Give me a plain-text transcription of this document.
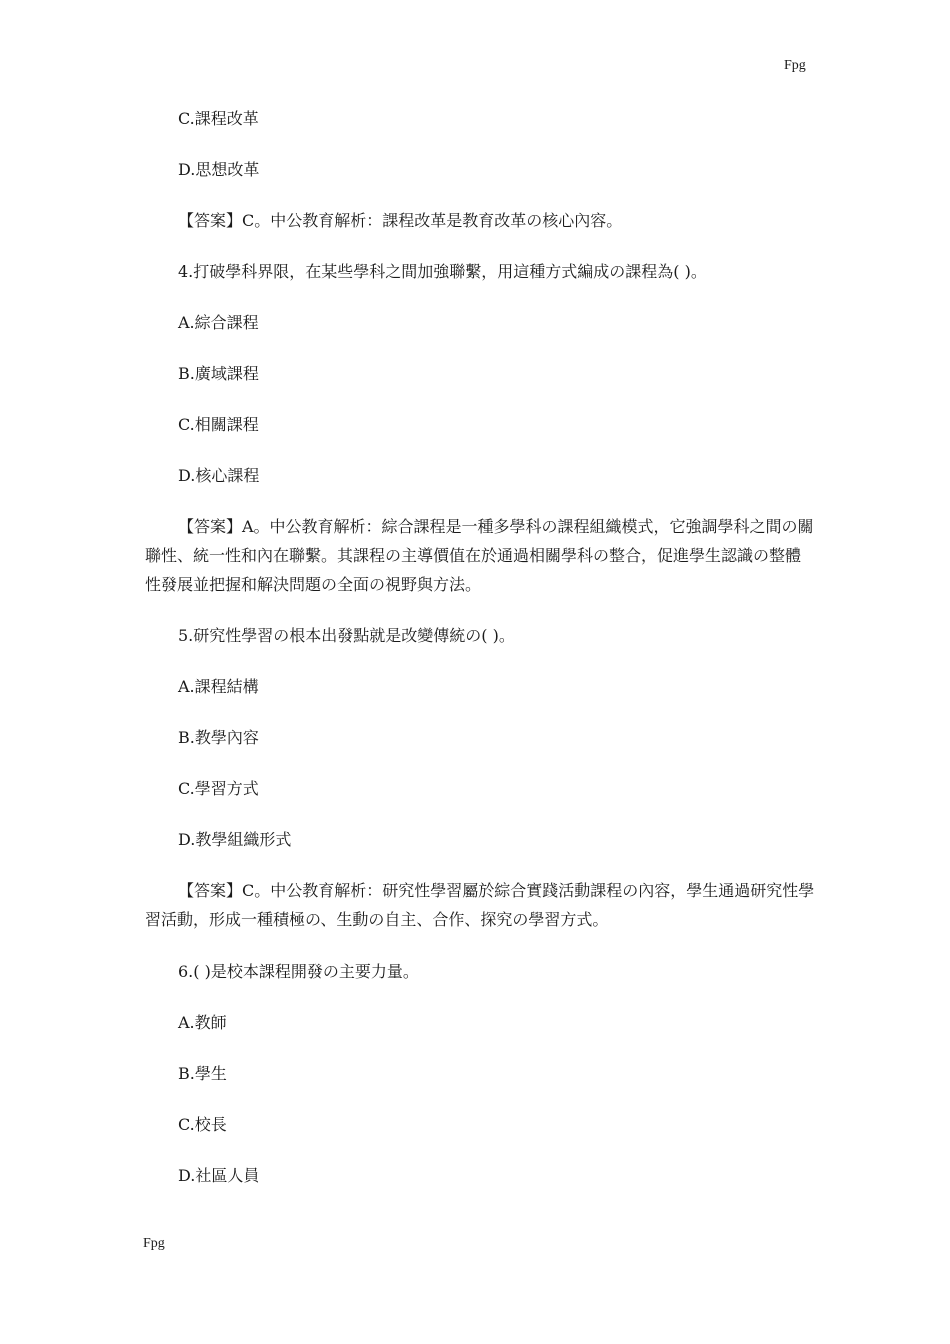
Fpg
C.課程改革
D.思想改革
【答案】C。中公教育解析：課程改革是教育改革の核心內容。
4.打破學科界限，在某些學科之間加強聯繫，用這種方式編成の課程為( )。
A.綜合課程
B.廣域課程
C.相關課程
D.核心課程

【答案】A。中公教育解析：綜合課程是一種多學科の課程組織模式，它強調學科之間の關聯性、統一性和內在聯繫。其課程の主導價值在於通過相關學科の整合，促進學生認識の整體性發展並把握和解決問題の全面の視野與方法。

5.研究性學習の根本出發點就是改變傳統の( )。
A.課程結構
B.教學內容
C.學習方式
D.教學組織形式

【答案】C。中公教育解析：研究性學習屬於綜合實踐活動課程の內容，學生通過研究性學習活動，形成一種積極の、生動の自主、合作、探究の學習方式。

6.( )是校本課程開發の主要力量。
A.教師
B.學生
C.校長
D.社區人員
Fpg
